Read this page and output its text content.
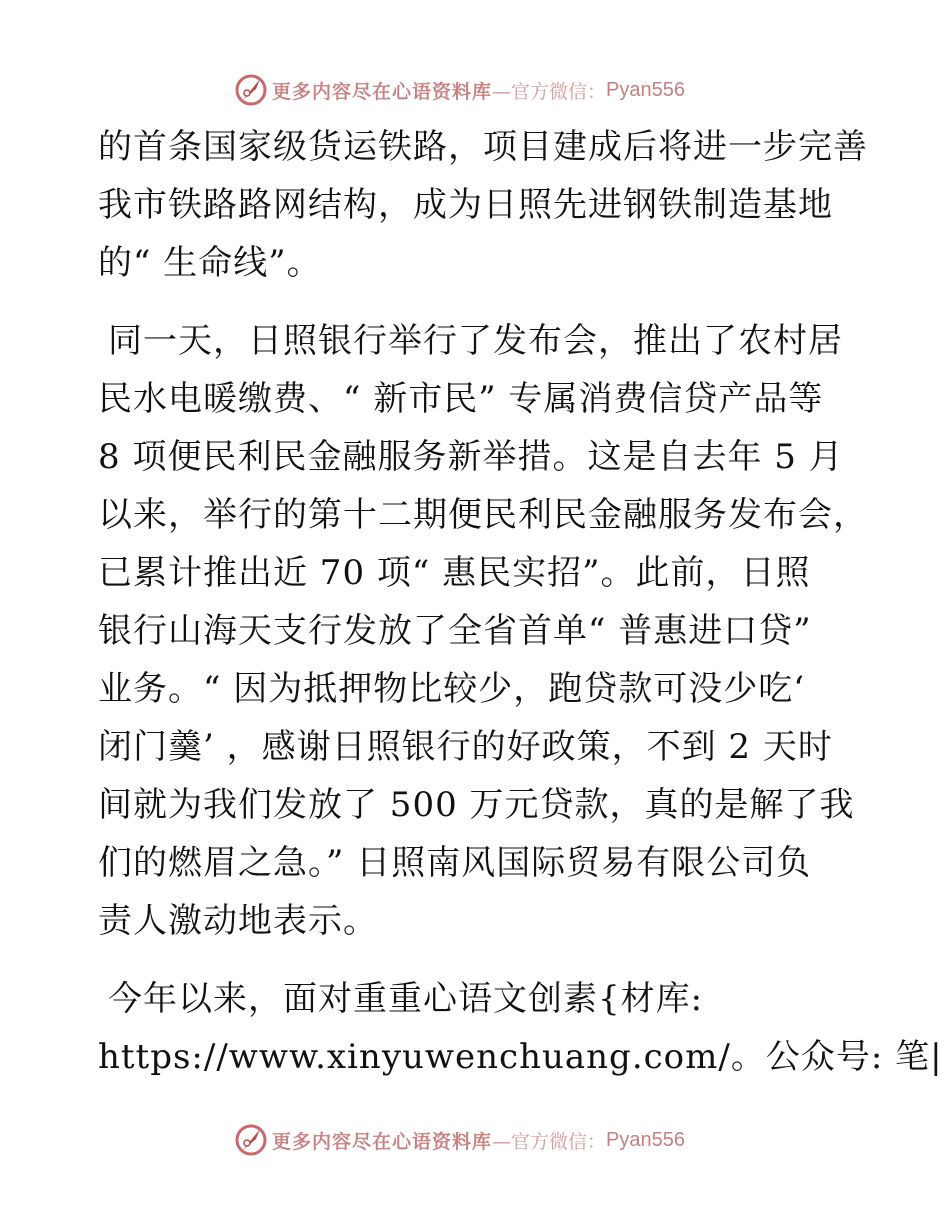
更多内容尽在心语资料库 —官方微信： Pyan556
的首条国家级货运铁路，项目建成后将进一步完善
我市铁路路网结构，成为日照先进钢铁制造基地
的“ 生命线”。
同一天，日照银行举行了发布会，推出了农村居
民水电暖缴费、“ 新市民” 专属消费信贷产品等
8 项便民利民金融服务新举措。这是自去年 5 月
以来，举行的第十二期便民利民金融服务发布会，
已累计推出近 70 项“ 惠民实招”。此前，日照
银行山海天支行发放了全省首单“ 普惠进口贷”
业务。“ 因为抵押物比较少，跑贷款可没少吃‘
闭门羹’ ，感谢日照银行的好政策，不到 2 天时
间就为我们发放了 500 万元贷款，真的是解了我
们的燃眉之急。” 日照南风国际贸易有限公司负
责人激动地表示。
今年以来，面对重重心语文创素{材库:
https://www.xinyuwenchuang.com/。公众号: 笔|
更多内容尽在心语资料库 —官方微信： Pyan556
